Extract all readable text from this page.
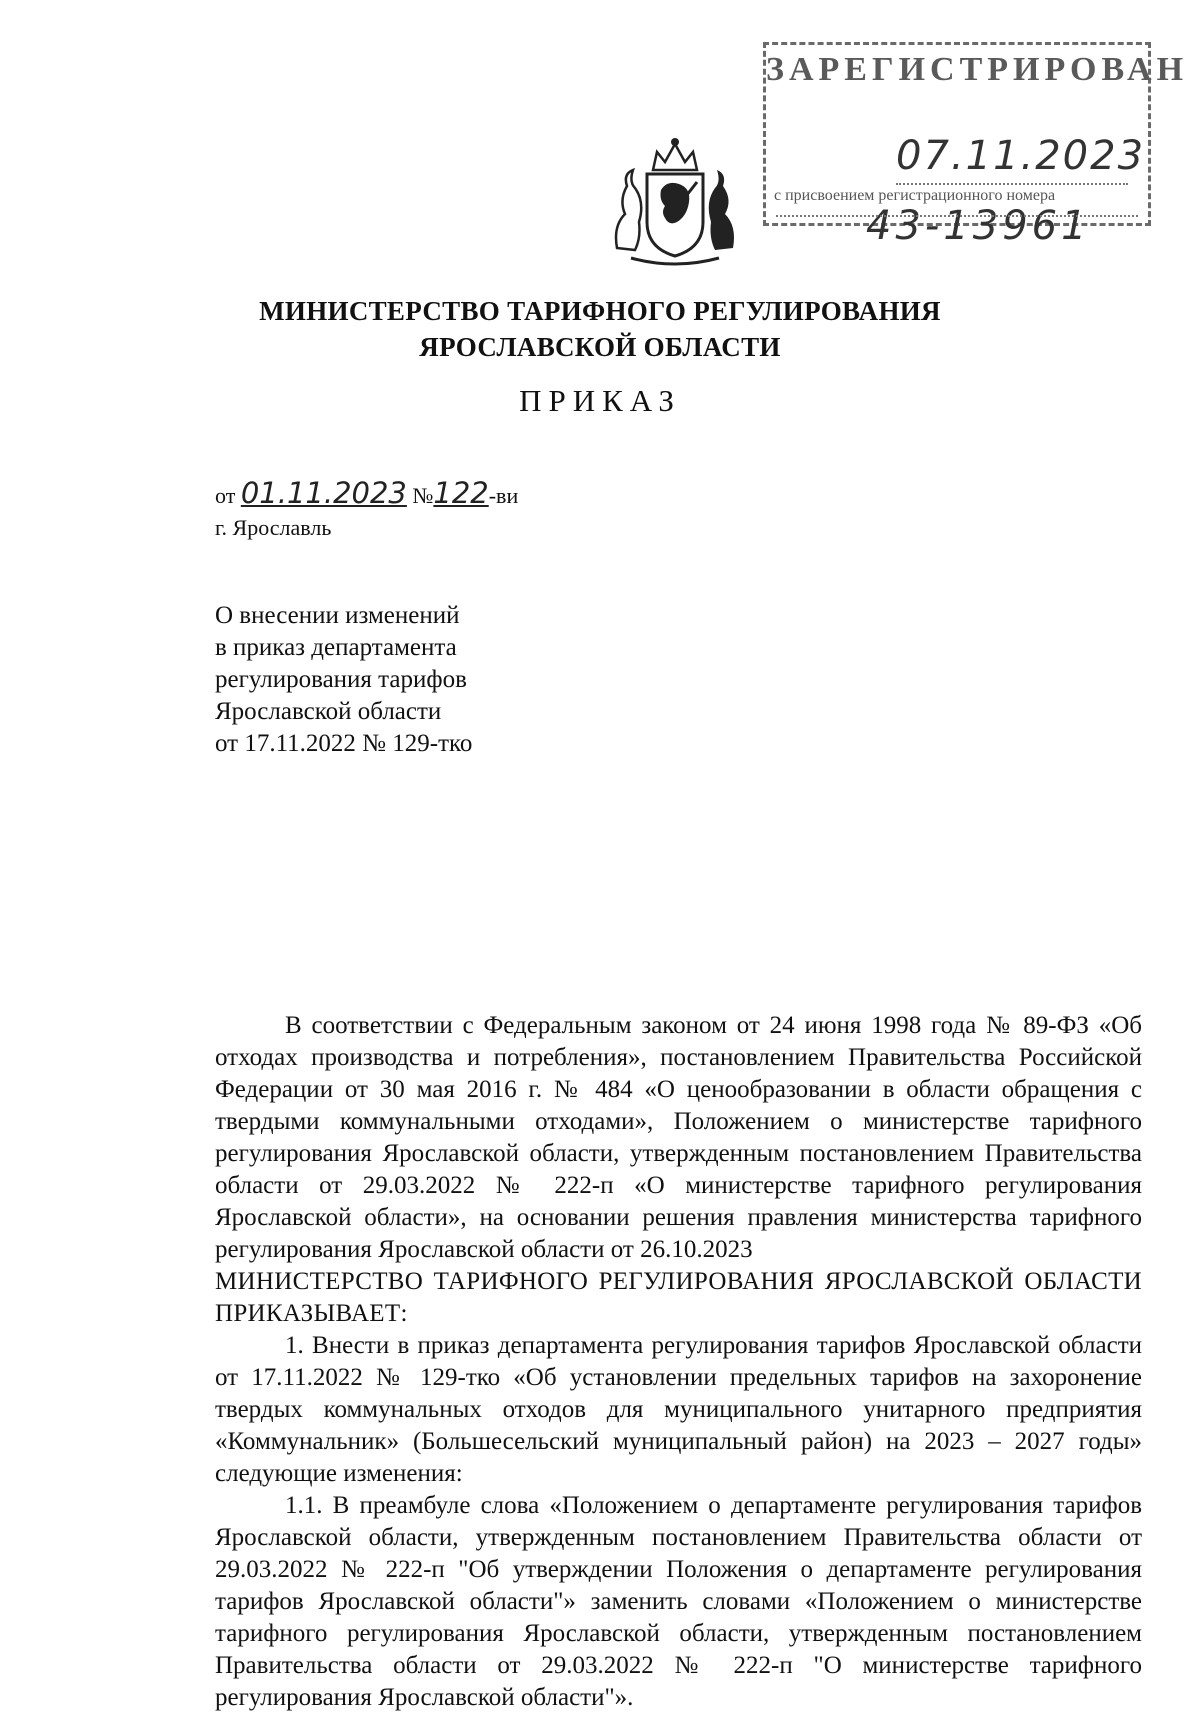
ЗАРЕГИСТРИРОВАН
07.11.2023
с присвоением регистрационного номера
43-13961
МИНИСТЕРСТВО ТАРИФНОГО РЕГУЛИРОВАНИЯ
ЯРОСЛАВСКОЙ ОБЛАСТИ
ПРИКАЗ
от 01.11.2023 №122-ви
г. Ярославль
О внесении изменений
в приказ департамента
регулирования тарифов
Ярославской области
от 17.11.2022 № 129-тко

В соответствии с Федеральным законом от 24 июня 1998 года № 89-ФЗ «Об отходах производства и потребления», постановлением Правительства Российской Федерации от 30 мая 2016 г. № 484 «О ценообразовании в области обращения с твердыми коммунальными отходами», Положением о министерстве тарифного регулирования Ярославской области, утвержденным постановлением Правительства области от 29.03.2022 № 222-п «О министерстве тарифного регулирования Ярославской области», на основании решения правления министерства тарифного регулирования Ярославской области от 26.10.2023

МИНИСТЕРСТВО ТАРИФНОГО РЕГУЛИРОВАНИЯ ЯРОСЛАВСКОЙ ОБЛАСТИ ПРИКАЗЫВАЕТ:

1. Внести в приказ департамента регулирования тарифов Ярославской области от 17.11.2022 № 129-тко «Об установлении предельных тарифов на захоронение твердых коммунальных отходов для муниципального унитарного предприятия «Коммунальник» (Большесельский муниципальный район) на 2023 – 2027 годы» следующие изменения:

1.1. В преамбуле слова «Положением о департаменте регулирования тарифов Ярославской области, утвержденным постановлением Правительства области от 29.03.2022 № 222-п "Об утверждении Положения о департаменте регулирования тарифов Ярославской области"» заменить словами «Положением о министерстве тарифного регулирования Ярославской области, утвержденным постановлением Правительства области от 29.03.2022 № 222-п "О министерстве тарифного регулирования Ярославской области"».
